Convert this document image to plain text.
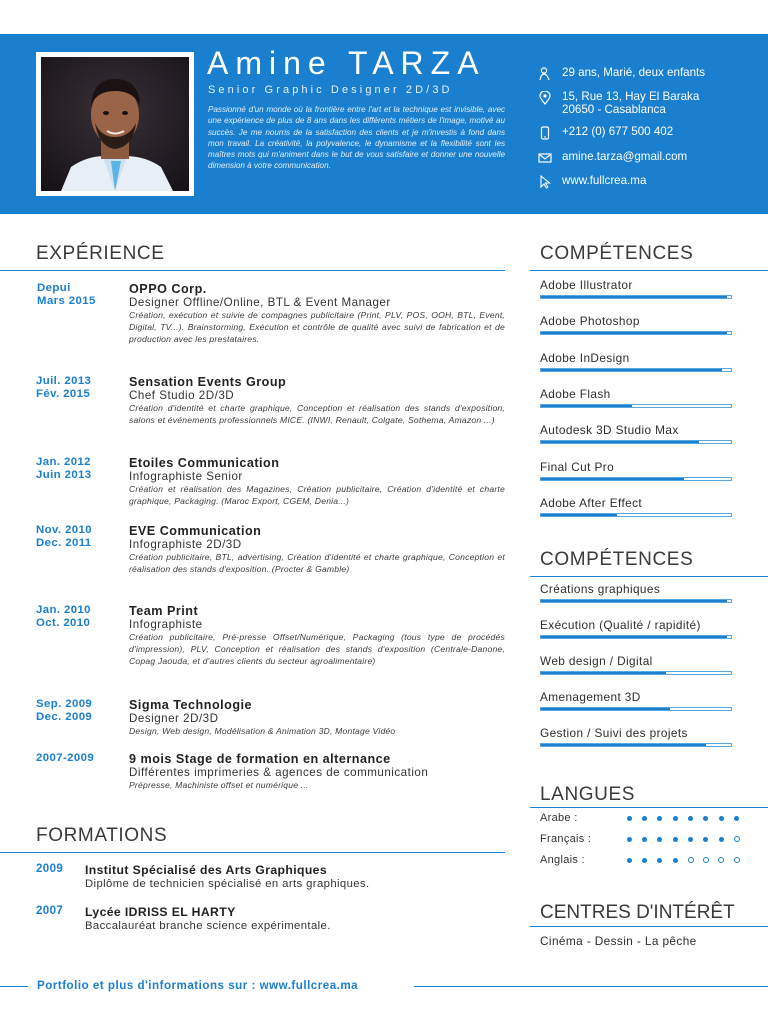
Amine TARZA
Senior Graphic Designer 2D/3D
Passionné d'un monde où la frontière entre l'art et la technique est invisible, avec une expérience de plus de 8 ans dans les différents métiers de l'image, motivé au succès. Je me nourris de la satisfaction des clients et je m'investis à fond dans mon travail. La créativité, la polyvalence, le dynamisme et la flexibilité sont les maîtres mots qui m'animent dans le but de vous satisfaire et donner une nouvelle dimension à votre communication.
29 ans, Marié, deux enfants
15, Rue 13, Hay El Baraka
20650 - Casablanca
+212 (0) 677 500 402
amine.tarza@gmail.com
www.fullcrea.ma
EXPÉRIENCE
Depui
Mars 2015
OPPO Corp.
Designer Offline/Online, BTL & Event Manager
Création, exécution et suivie de compagnes publicitaire (Print, PLV, POS, OOH, BTL, Event, Digital, TV...). Brainstorming, Exécution et contrôle de qualité avec suivi de fabrication et de production avec les prestataires.
Juil. 2013
Fév. 2015
Sensation Events Group
Chef Studio 2D/3D
Création d'identité et charte graphique, Conception et réalisation des stands d'exposition, salons et événements professionnels MICE. (INWI, Renault, Colgate, Sothema, Amazon ...)
Jan. 2012
Juin 2013
Etoiles Communication
Infographiste Senior
Création et réalisation des Magazines, Création publicitaire, Création d'identité et charte graphique, Packaging. (Maroc Export, CGEM, Denia...)
Nov. 2010
Dec. 2011
EVE Communication
Infographiste 2D/3D
Création publicitaire, BTL, advertising, Création d'identité et charte graphique, Conception et réalisation des stands d'exposition. (Procter & Gamble)
Jan. 2010
Oct. 2010
Team Print
Infographiste
Création publicitaire, Pré-presse Offset/Numérique, Packaging (tous type de procédés d'impression), PLV, Conception et réalisation des stands d'exposition (Centrale-Danone, Copag Jaouda, et d'autres clients du secteur agroalimentaire)
Sep. 2009
Dec. 2009
Sigma Technologie
Designer 2D/3D
Design, Web design, Modélisation & Animation 3D, Montage Vidéo
2007-2009	9 mois Stage de formation en alternance
Différentes imprimeries & agences de communication
Prépresse, Machiniste offset et numérique ...
FORMATIONS
2009 Institut Spécialisé des Arts Graphiques
Diplôme de technicien spécialisé en arts graphiques.
2007 Lycée IDRISS EL HARTY
Baccalauréat branche science expérimentale.
COMPÉTENCES
Adobe Illustrator
Adobe Photoshop
Adobe InDesign
Adobe Flash
Autodesk 3D Studio Max
Final Cut Pro
Adobe After Effect
COMPÉTENCES
Créations graphiques
Exécution (Qualité / rapidité)
Web design / Digital
Amenagement 3D
Gestion / Suivi des projets
LANGUES
Arabe :
Français :
Anglais :
CENTRES D'INTÉRÊT
Cinéma - Dessin - La pêche
Portfolio et plus d'informations sur : www.fullcrea.ma
